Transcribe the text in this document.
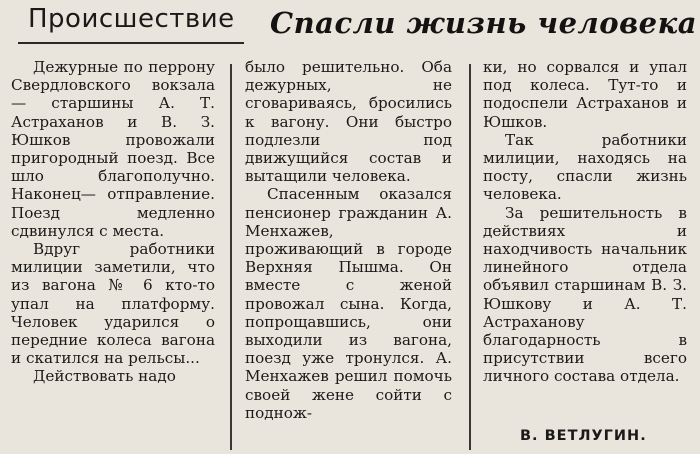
Происшествие Спасли жизнь человека

Дежурные по перрону Свердловского вокзала — старшины А. Т. Астраханов и В. З. Юшков провожали пригородный поезд. Все шло благополучно. Наконец— отправление. Поезд медленно сдвинулся с места.

Вдруг работники милиции заметили, что из вагона № 6 кто-то упал на платформу. Человек ударился о передние колеса вагона и скатился на рельсы...

Действовать надо

было решительно. Оба дежурных, не сговариваясь, бросились к вагону. Они быстро подлезли под движущийся состав и вытащили человека.

Спасенным оказался пенсионер гражданин А. Менхажев, проживающий в городе Верхняя Пышма. Он вместе с женой провожал сына. Когда, попрощавшись, они выходили из вагона, поезд уже тронулся. А. Менхажев решил помочь своей жене сойти с поднож-

ки, но сорвался и упал под колеса. Тут-то и подоспели Астраханов и Юшков.

Так работники милиции, находясь на посту, спасли жизнь человека.

За решительность в действиях и находчивость начальник линейного отдела объявил старшинам В. З. Юшкову и А. Т. Астраханову благодарность в присутствии всего личного состава отдела.

В. ВЕТЛУГИН.
